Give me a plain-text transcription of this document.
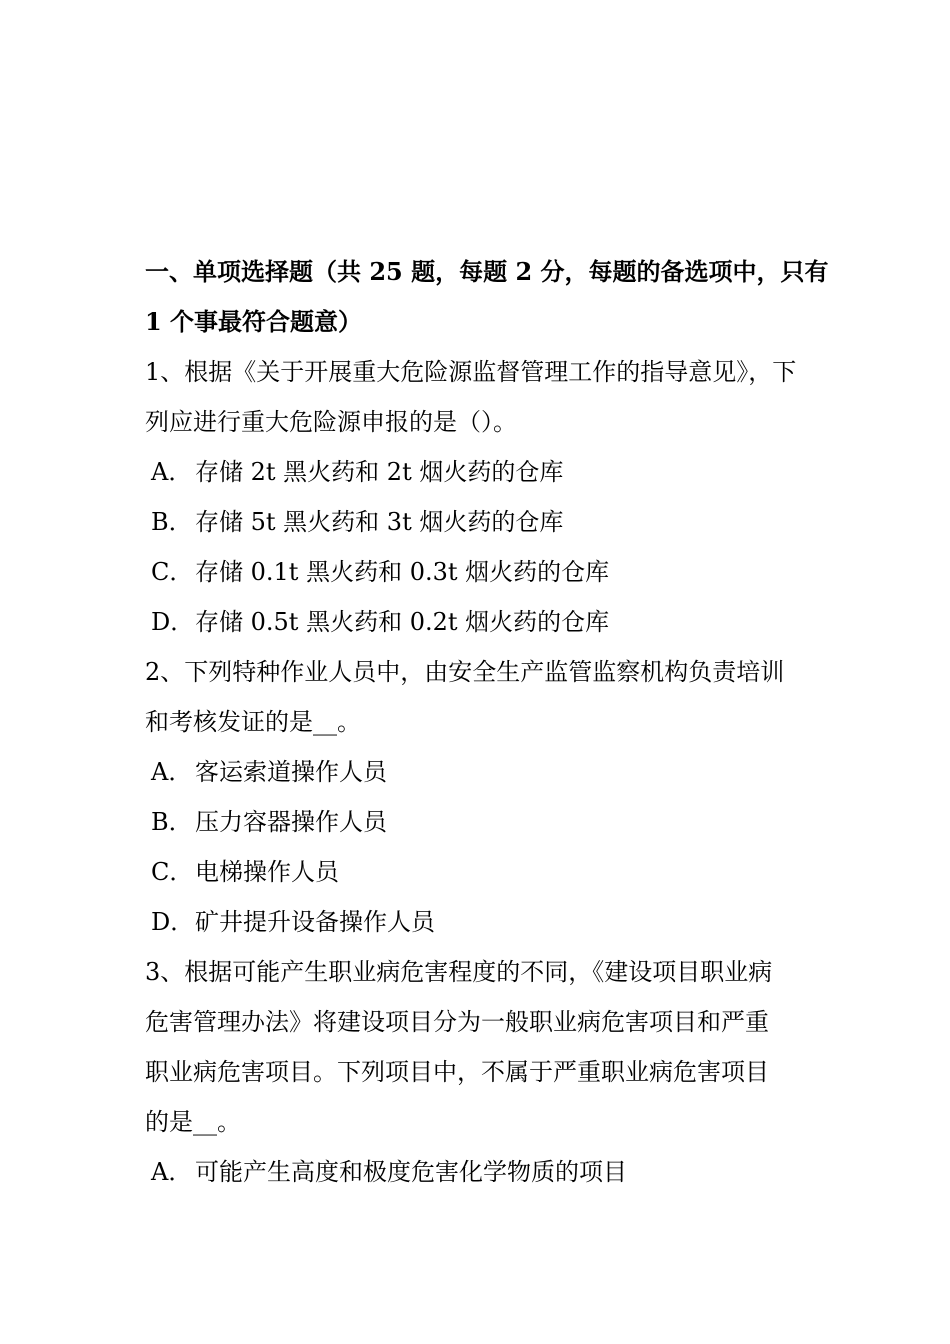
一、单项选择题（共 25 题，每题 2 分，每题的备选项中，只有
1 个事最符合题意）
1、根据《关于开展重大危险源监督管理工作的指导意见》，下
列应进行重大危险源申报的是（）。
A． 存储 2t 黑火药和 2t 烟火药的仓库
B．存储 5t 黑火药和 3t 烟火药的仓库
C．存储 0.1t 黑火药和 0.3t 烟火药的仓库
D．存储 0.5t 黑火药和 0.2t 烟火药的仓库
2、下列特种作业人员中，由安全生产监管监察机构负责培训
和考核发证的是__。
A． 客运索道操作人员
B．压力容器操作人员
C．电梯操作人员
D．矿井提升设备操作人员
3、根据可能产生职业病危害程度的不同，《建设项目职业病
危害管理办法》将建设项目分为一般职业病危害项目和严重
职业病危害项目。下列项目中，不属于严重职业病危害项目
的是__。
A． 可能产生高度和极度危害化学物质的项目
